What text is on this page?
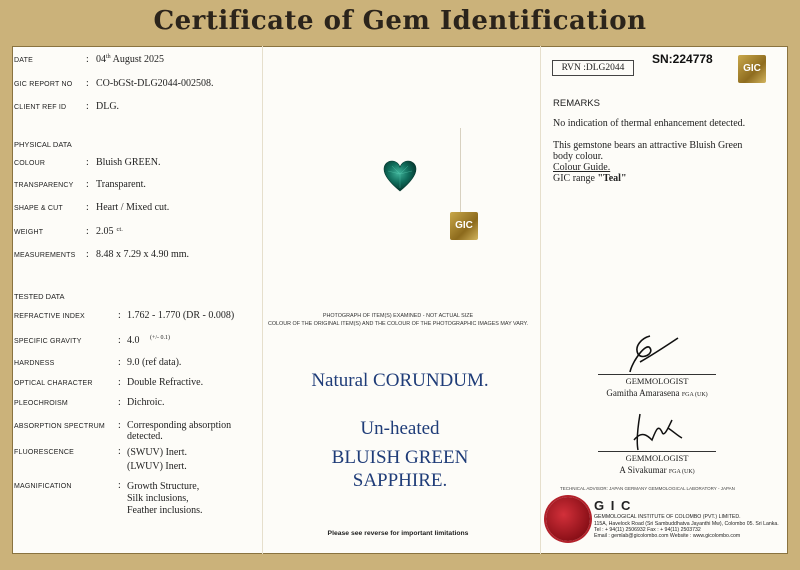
Certificate of Gem Identification
DATE	: 04th August 2025
GIC REPORT NO : CO-bGSt-DLG2044-002508.
CLIENT REF ID : DLG.
PHYSICAL DATA
COLOUR	: Bluish GREEN.
TRANSPARENCY : Transparent.
SHAPE & CUT : Heart / Mixed cut.
WEIGHT	: 2.05 $^{ct.}$
MEASUREMENTS : 8.48 x 7.29 x 4.90 mm.
TESTED DATA
REFRACTIVE INDEX	: 1.762 - 1.770 (DR - 0.008)
SPECIFIC GRAVITY	: 4.0 $^{(+/- 0.1)}$
HARDNESS	: 9.0 (ref data).
OPTICAL CHARACTER	: Double Refractive.
PLEOCHROISM	: Dichroic.
ABSORPTION SPECTRUM : Corresponding absorption
detected.
FLUORESCENCE	: (SWUV) Inert.
(LWUV) Inert.
MAGNIFICATION	: Growth Structure,
Silk inclusions,
Feather inclusions.
GIC
PHOTOGRAPH OF ITEM(S) EXAMINED - NOT ACTUAL SIZE
COLOUR OF THE ORIGINAL ITEM(S) AND THE COLOUR OF THE PHOTOGRAPHIC IMAGES MAY VARY.
Natural CORUNDUM.
Un-heated
BLUISH GREEN
SAPPHIRE.
Please see reverse for important limitations
RVN :DLG2044
SN:224778
GIC
REMARKS
No indication of thermal enhancement detected.
This gemstone bears an attractive Bluish Green
body colour.
Colour Guide.
GIC range "Teal"
GEMMOLOGIST
Gamitha Amarasena FGA (UK)
GEMMOLOGIST
A Sivakumar FGA (UK)
TECHNICAL ADVISOR: JAPAN GERMANY GEMMOLOGICAL LABORATORY - JAPAN
G I C
GEMMOLOGICAL INSTITUTE OF COLOMBO (PVT.) LIMITED.
115A, Havelock Road (Sri Sambuddhatva Jayanthi Mw), Colombo 05. Sri Lanka.
Tel : + 94(11) 2506932 Fax : + 94(11) 2503732
Email : gemlab@gicolombo.com Website : www.gicolombo.com
